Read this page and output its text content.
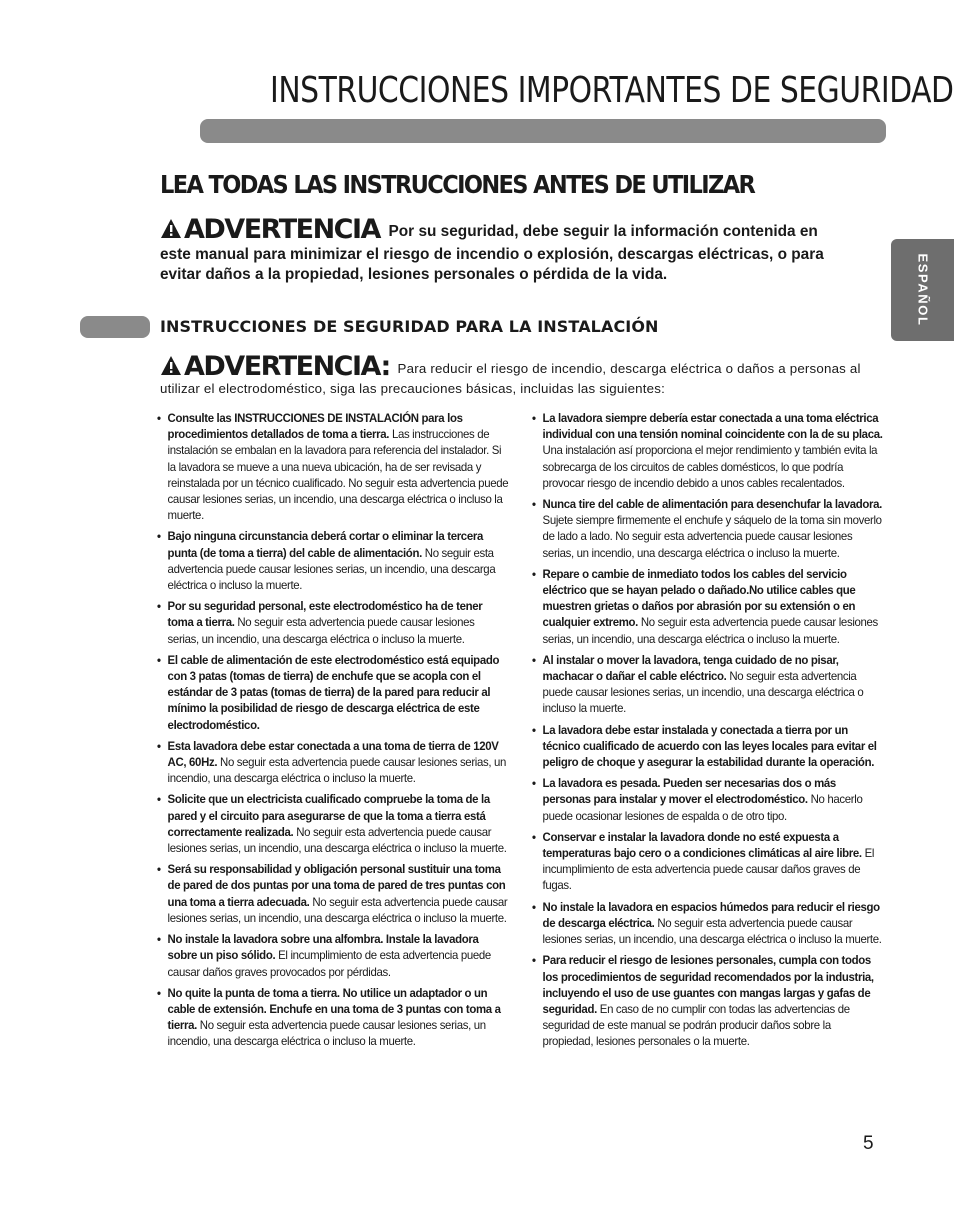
INSTRUCCIONES IMPORTANTES DE SEGURIDAD
LEA TODAS LAS INSTRUCCIONES ANTES DE UTILIZAR
ADVERTENCIA Por su seguridad, debe seguir la información contenida en este manual para minimizar el riesgo de incendio o explosión, descargas eléctricas, o para evitar daños a la propiedad, lesiones personales o pérdida de la vida.	ESPAÑOL
INSTRUCCIONES DE SEGURIDAD PARA LA INSTALACIÓN
ADVERTENCIA: Para reducir el riesgo de incendio, descarga eléctrica o daños a personas al utilizar el electrodoméstico, siga las precauciones básicas, incluidas las siguientes:
• Consulte las INSTRUCCIONES DE INSTALACIÓN para los procedimientos detallados de toma a tierra. Las instrucciones de instalación se embalan en la lavadora para referencia del instalador. Si la lavadora se mueve a una nueva ubicación, ha de ser revisada y reinstalada por un técnico cualificado. No seguir esta advertencia puede causar lesiones serias, un incendio, una descarga eléctrica o incluso la muerte.
• Bajo ninguna circunstancia deberá cortar o eliminar la tercera punta (de toma a tierra) del cable de alimentación. No seguir esta advertencia puede causar lesiones serias, un incendio, una descarga eléctrica o incluso la muerte.
• Por su seguridad personal, este electrodoméstico ha de tener toma a tierra. No seguir esta advertencia puede causar lesiones serias, un incendio, una descarga eléctrica o incluso la muerte.
• El cable de alimentación de este electrodoméstico está equipado con 3 patas (tomas de tierra) de enchufe que se acopla con el estándar de 3 patas (tomas de tierra) de la pared para reducir al mínimo la posibilidad de riesgo de descarga eléctrica de este electrodoméstico.
• Esta lavadora debe estar conectada a una toma de tierra de 120V AC, 60Hz. No seguir esta advertencia puede causar lesiones serias, un incendio, una descarga eléctrica o incluso la muerte.
• Solicite que un electricista cualificado compruebe la toma de la pared y el circuito para asegurarse de que la toma a tierra está correctamente realizada. No seguir esta advertencia puede causar lesiones serias, un incendio, una descarga eléctrica o incluso la muerte.
• Será su responsabilidad y obligación personal sustituir una toma de pared de dos puntas por una toma de pared de tres puntas con una toma a tierra adecuada. No seguir esta advertencia puede causar lesiones serias, un incendio, una descarga eléctrica o incluso la muerte.
• No instale la lavadora sobre una alfombra. Instale la lavadora sobre un piso sólido. El incumplimiento de esta advertencia puede causar daños graves provocados por pérdidas.
• No quite la punta de toma a tierra. No utilice un adaptador o un cable de extensión. Enchufe en una toma de 3 puntas con toma a tierra. No seguir esta advertencia puede causar lesiones serias, un incendio, una descarga eléctrica o incluso la muerte.
• La lavadora siempre debería estar conectada a una toma eléctrica individual con una tensión nominal coincidente con la de su placa. Una instalación así proporciona el mejor rendimiento y también evita la sobrecarga de los circuitos de cables domésticos, lo que podría provocar riesgo de incendio debido a unos cables recalentados.
• Nunca tire del cable de alimentación para desenchufar la lavadora. Sujete siempre firmemente el enchufe y sáquelo de la toma sin moverlo de lado a lado. No seguir esta advertencia puede causar lesiones serias, un incendio, una descarga eléctrica o incluso la muerte.
• Repare o cambie de inmediato todos los cables del servicio eléctrico que se hayan pelado o dañado.No utilice cables que muestren grietas o daños por abrasión por su extensión o en cualquier extremo. No seguir esta advertencia puede causar lesiones serias, un incendio, una descarga eléctrica o incluso la muerte.
• Al instalar o mover la lavadora, tenga cuidado de no pisar, machacar o dañar el cable eléctrico. No seguir esta advertencia puede causar lesiones serias, un incendio, una descarga eléctrica o incluso la muerte.
• La lavadora debe estar instalada y conectada a tierra por un técnico cualificado de acuerdo con las leyes locales para evitar el peligro de choque y asegurar la estabilidad durante la operación.
• La lavadora es pesada. Pueden ser necesarias dos o más personas para instalar y mover el electrodoméstico. No hacerlo puede ocasionar lesiones de espalda o de otro tipo.
• Conservar e instalar la lavadora donde no esté expuesta a temperaturas bajo cero o a condiciones climáticas al aire libre. El incumplimiento de esta advertencia puede causar daños graves de fugas.
• No instale la lavadora en espacios húmedos para reducir el riesgo de descarga eléctrica. No seguir esta advertencia puede causar lesiones serias, un incendio, una descarga eléctrica o incluso la muerte.
• Para reducir el riesgo de lesiones personales, cumpla con todos los procedimientos de seguridad recomendados por la industria, incluyendo el uso de use guantes con mangas largas y gafas de seguridad. En caso de no cumplir con todas las advertencias de seguridad de este manual se podrán producir daños sobre la propiedad, lesiones personales o la muerte.
5
